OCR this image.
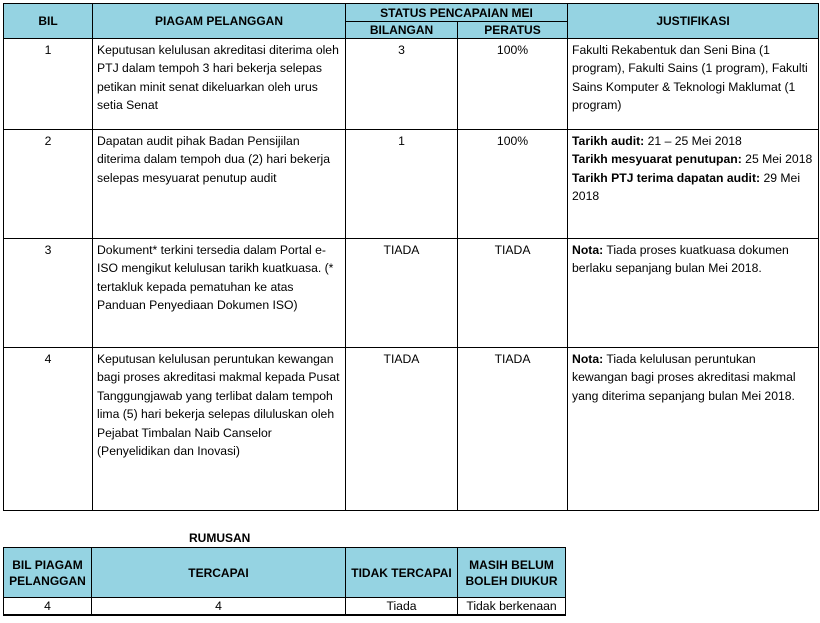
BIL	PIAGAM PELANGGAN	STATUS PENCAPAIAN MEI		JUSTIFIKASI
		BILANGAN	PERATUS	
1	Keputusan kelulusan akreditasi diterima oleh PTJ dalam tempoh 3 hari bekerja selepas petikan minit senat dikeluarkan oleh urus setia Senat	3	100%	Fakulti Rekabentuk dan Seni Bina (1 program), Fakulti Sains (1 program), Fakulti Sains Komputer & Teknologi Maklumat (1 program)
2	Dapatan audit pihak Badan Pensijilan diterima dalam tempoh dua (2) hari bekerja selepas mesyuarat penutup audit	1	100%	Tarikh audit: 21 – 25 Mei 2018
Tarikh mesyuarat penutupan: 25 Mei 2018
Tarikh PTJ terima dapatan audit: 29 Mei 2018

3	Dokument* terkini tersedia dalam Portal e-ISO mengikut kelulusan tarikh kuatkuasa. (* tertakluk kepada pematuhan ke atas Panduan Penyediaan Dokumen ISO)	TIADA	TIADA	Nota: Tiada proses kuatkuasa dokumen berlaku sepanjang bulan Mei 2018.
4	Keputusan kelulusan peruntukan kewangan bagi proses akreditasi makmal kepada Pusat Tanggungjawab yang terlibat dalam tempoh lima (5) hari bekerja selepas diluluskan oleh Pejabat Timbalan Naib Canselor (Penyelidikan dan Inovasi)	TIADA	TIADA	Nota: Tiada kelulusan peruntukan kewangan bagi proses akreditasi makmal yang diterima sepanjang bulan Mei 2018.
RUMUSAN
BIL PIAGAM PELANGGAN	TERCAPAI	TIDAK TERCAPAI	MASIH BELUM BOLEH DIUKUR
4	4	Tiada	Tidak berkenaan
